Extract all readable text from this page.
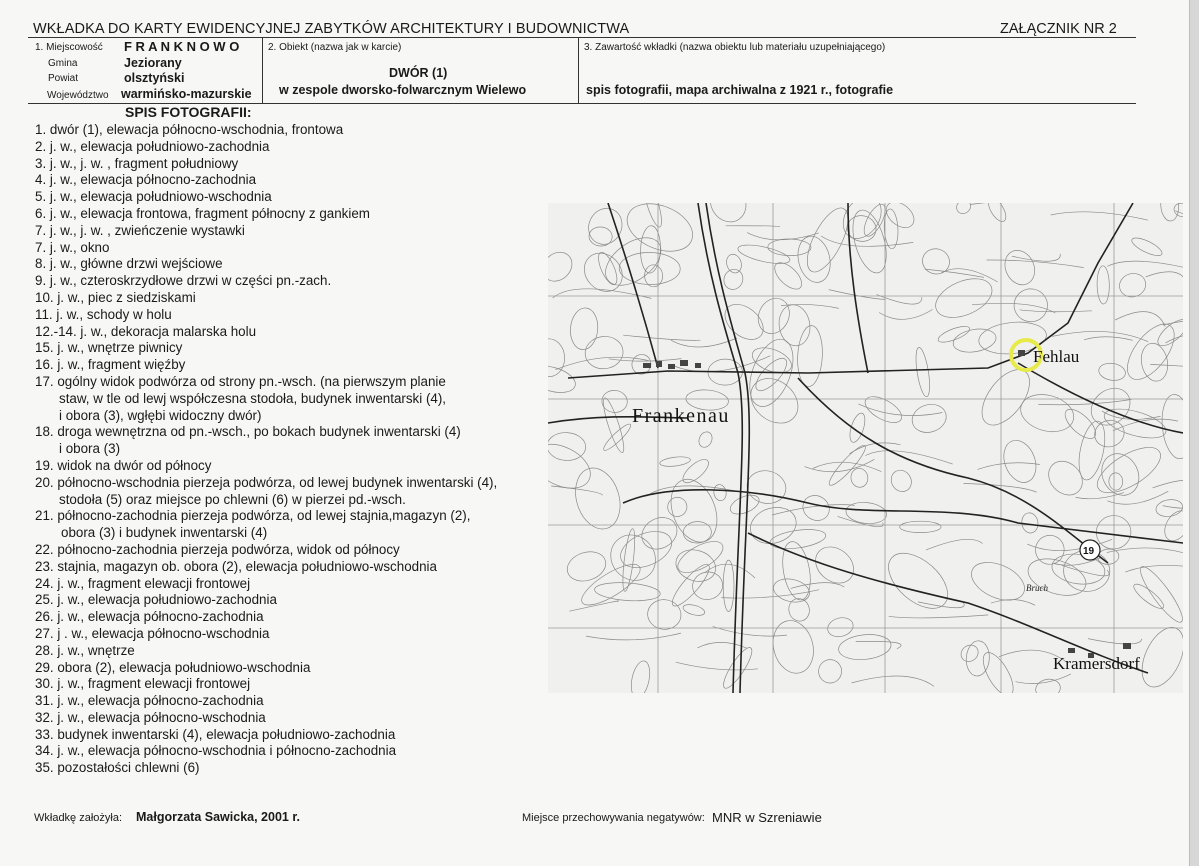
WKŁADKA DO KARTY EWIDENCYJNEJ ZABYTKÓW ARCHITEKTURY I BUDOWNICTWA	ZAŁĄCZNIK NR 2
1. Miejscowość F R A N K N O W O
Gmina	Jeziorany
Powiat	olsztyński
Województwo warmińsko-mazurskie
2. Obiekt (nazwa jak w karcie)
DWÓR (1)
w zespole dworsko-folwarcznym Wielewo
3. Zawartość wkładki (nazwa obiektu lub materiału uzupełniającego)
spis fotografii, mapa archiwalna z 1921 r., fotografie
SPIS FOTOGRAFII:
1. dwór (1), elewacja północno-wschodnia, frontowa
2. j. w., elewacja południowo-zachodnia
3. j. w., j. w. , fragment południowy
4. j. w., elewacja północno-zachodnia
5. j. w., elewacja południowo-wschodnia
6. j. w., elewacja frontowa, fragment północny z gankiem
7. j. w., j. w. , zwieńczenie wystawki
7. j. w., okno
8. j. w., główne drzwi wejściowe
9. j. w., czteroskrzydłowe drzwi w części pn.-zach.
10. j. w., piec z siedziskami
11. j. w., schody w holu
12.-14. j. w., dekoracja malarska holu
15. j. w., wnętrze piwnicy
16. j. w., fragment więźby
17. ogólny widok podwórza od strony pn.-wsch. (na pierwszym planie
staw, w tle od lewj współczesna stodoła, budynek inwentarski (4),
i obora (3), wgłębi widoczny dwór)
18. droga wewnętrzna od pn.-wsch., po bokach budynek inwentarski (4)
i obora (3)
19. widok na dwór od północy
20. północno-wschodnia pierzeja podwórza, od lewej budynek inwentarski (4),
stodoła (5) oraz miejsce po chlewni (6) w pierzei pd.-wsch.
21. północno-zachodnia pierzeja podwórza, od lewej stajnia,magazyn (2),
obora (3) i budynek inwentarski (4)
22. północno-zachodnia pierzeja podwórza, widok od północy
23. stajnia, magazyn ob. obora (2), elewacja południowo-wschodnia
24. j. w., fragment elewacji frontowej
25. j. w., elewacja południowo-zachodnia
26. j. w., elewacja północno-zachodnia
27. j . w., elewacja północno-wschodnia
28. j. w., wnętrze
29. obora (2), elewacja południowo-wschodnia
30. j. w., fragment elewacji frontowej
31. j. w., elewacja północno-zachodnia
32. j. w., elewacja północno-wschodnia
33. budynek inwentarski (4), elewacja południowo-zachodnia
34. j. w., elewacja północno-wschodnia i północno-zachodnia
35. pozostałości chlewni (6)
Fehlau
Frankenau
Kramersdorf
Bruch
19
Wkładkę założyła: Małgorzata Sawicka, 2001 r.	Miejsce przechowywania negatywów: MNR w Szreniawie
